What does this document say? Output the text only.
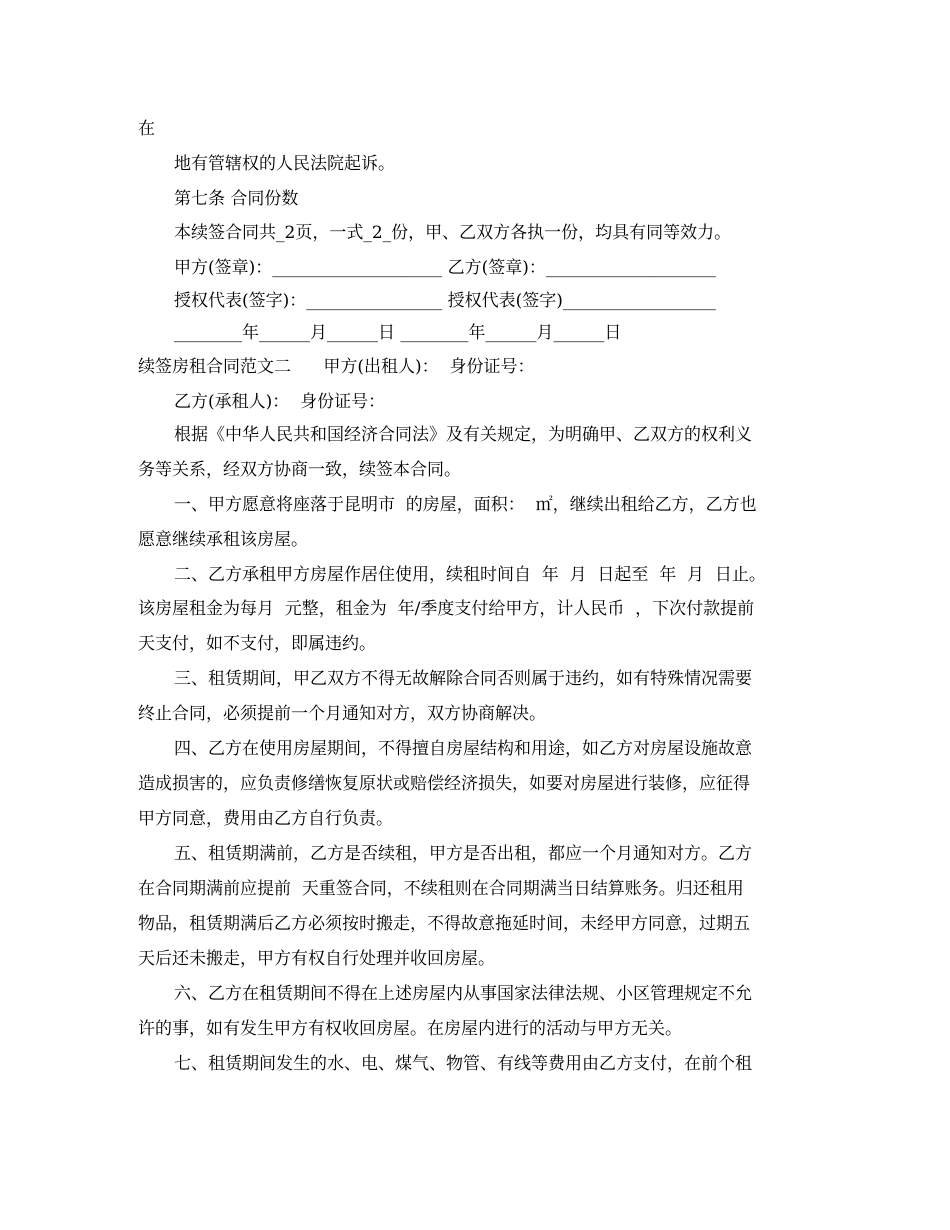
在
地有管辖权的人民法院起诉。
第七条 合同份数
本续签合同共_2页，一式_2_份，甲、乙双方各执一份，均具有同等效力。
甲方(签章)：____________________ 乙方(签章)：____________________
授权代表(签字)：________________ 授权代表(签字)__________________
________年______月______日 ________年______月______日
续签房租合同范文二      甲方(出租人)：  身份证号：
乙方(承租人)：  身份证号：
根据《中华人民共和国经济合同法》及有关规定，为明确甲、乙双方的权利义
务等关系，经双方协商一致，续签本合同。
一、甲方愿意将座落于昆明市  的房屋，面积：  ㎡，继续出租给乙方，乙方也
愿意继续承租该房屋。
二、乙方承租甲方房屋作居住使用，续租时间自  年  月  日起至  年  月  日止。
该房屋租金为每月  元整，租金为  年/季度支付给甲方，计人民币  ，下次付款提前
天支付，如不支付，即属违约。
三、租赁期间，甲乙双方不得无故解除合同否则属于违约，如有特殊情况需要
终止合同，必须提前一个月通知对方，双方协商解决。
四、乙方在使用房屋期间，不得擅自房屋结构和用途，如乙方对房屋设施故意
造成损害的，应负责修缮恢复原状或赔偿经济损失，如要对房屋进行装修，应征得
甲方同意，费用由乙方自行负责。
五、租赁期满前，乙方是否续租，甲方是否出租，都应一个月通知对方。乙方
在合同期满前应提前  天重签合同，不续租则在合同期满当日结算账务。归还租用
物品，租赁期满后乙方必须按时搬走，不得故意拖延时间，未经甲方同意，过期五
天后还未搬走，甲方有权自行处理并收回房屋。
六、乙方在租赁期间不得在上述房屋内从事国家法律法规、小区管理规定不允
许的事，如有发生甲方有权收回房屋。在房屋内进行的活动与甲方无关。
七、租赁期间发生的水、电、煤气、物管、有线等费用由乙方支付，在前个租
